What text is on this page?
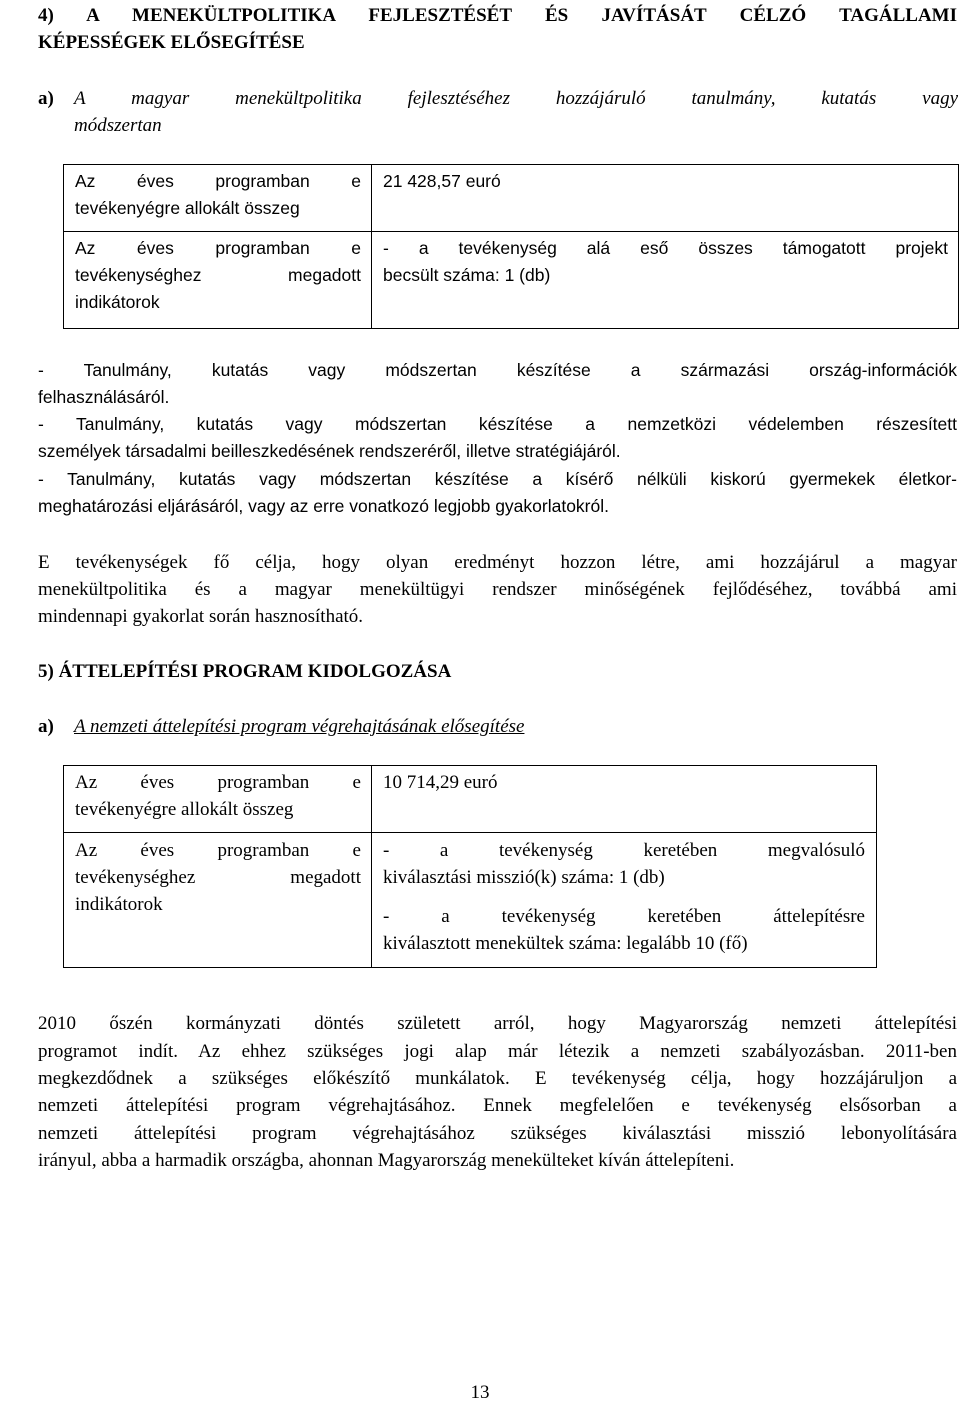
4) A MENEKÜLTPOLITIKA FEJLESZTÉSÉT ÉS JAVÍTÁSÁT CÉLZÓ TAGÁLLAMI
KÉPESSÉGEK ELŐSEGÍTÉSE
a) A magyar menekültpolitika fejlesztéséhez hozzájáruló tanulmány, kutatás vagy
módszertan
Az éves programban e
tevékenyégre allokált összeg
21 428,57 euró
Az éves programban e
tevékenységhez megadott
indikátorok
- a tevékenység alá eső összes támogatott projekt
becsült száma: 1 (db)
- Tanulmány, kutatás vagy módszertan készítése a származási ország-információk
felhasználásáról.
- Tanulmány, kutatás vagy módszertan készítése a nemzetközi védelemben részesített
személyek társadalmi beilleszkedésének rendszeréről, illetve stratégiájáról.
- Tanulmány, kutatás vagy módszertan készítése a kísérő nélküli kiskorú gyermekek életkor-
meghatározási eljárásáról, vagy az erre vonatkozó legjobb gyakorlatokról.
E tevékenységek fő célja, hogy olyan eredményt hozzon létre, ami hozzájárul a magyar
menekültpolitika és a magyar menekültügyi rendszer minőségének fejlődéséhez, továbbá ami
mindennapi gyakorlat során hasznosítható.
5) ÁTTELEPÍTÉSI PROGRAM KIDOLGOZÁSA
a) A nemzeti áttelepítési program végrehajtásának elősegítése
Az éves programban e
tevékenyégre allokált összeg
10 714,29 euró
Az éves programban e
tevékenységhez megadott
indikátorok
- a tevékenység keretében megvalósuló
kiválasztási misszió(k) száma: 1 (db)
- a tevékenység keretében áttelepítésre
kiválasztott menekültek száma: legalább 10 (fő)
2010 őszén kormányzati döntés született arról, hogy Magyarország nemzeti áttelepítési
programot indít. Az ehhez szükséges jogi alap már létezik a nemzeti szabályozásban. 2011-ben
megkezdődnek a szükséges előkészítő munkálatok. E tevékenység célja, hogy hozzájáruljon a
nemzeti áttelepítési program végrehajtásához. Ennek megfelelően e tevékenység elsősorban a
nemzeti áttelepítési program végrehajtásához szükséges kiválasztási misszió lebonyolítására
irányul, abba a harmadik országba, ahonnan Magyarország menekülteket kíván áttelepíteni.
13
